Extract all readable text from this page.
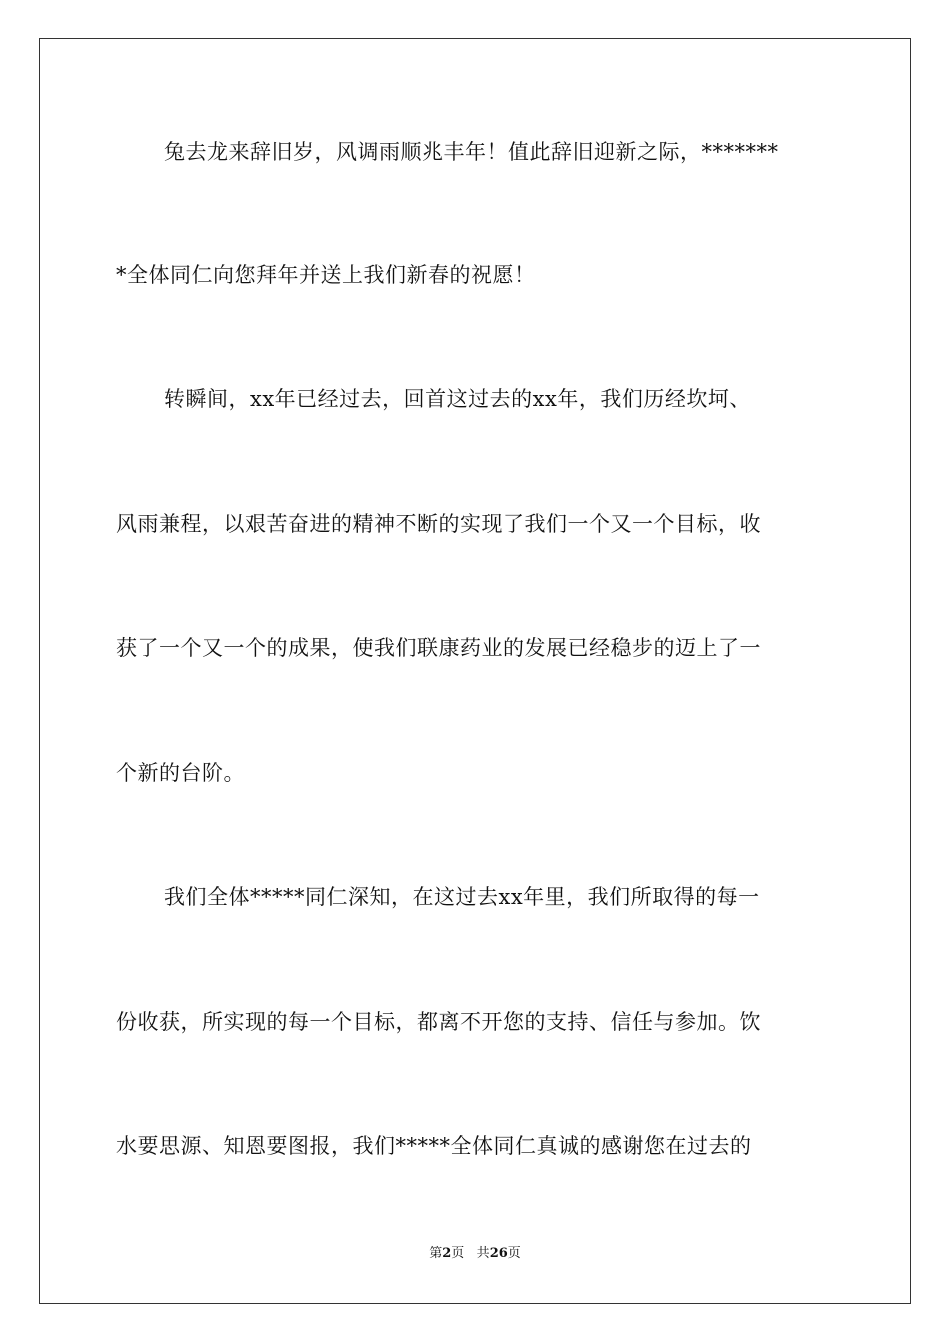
兔去龙来辞旧岁，风调雨顺兆丰年！值此辞旧迎新之际，*******
*全体同仁向您拜年并送上我们新春的祝愿！
转瞬间，xx年已经过去，回首这过去的xx年，我们历经坎坷、
风雨兼程，以艰苦奋进的精神不断的实现了我们一个又一个目标，收
获了一个又一个的成果，使我们联康药业的发展已经稳步的迈上了一
个新的台阶。
我们全体*****同仁深知，在这过去xx年里，我们所取得的每一
份收获，所实现的每一个目标，都离不开您的支持、信任与参加。饮
水要思源、知恩要图报，我们*****全体同仁真诚的感谢您在过去的
第2页 共26页
